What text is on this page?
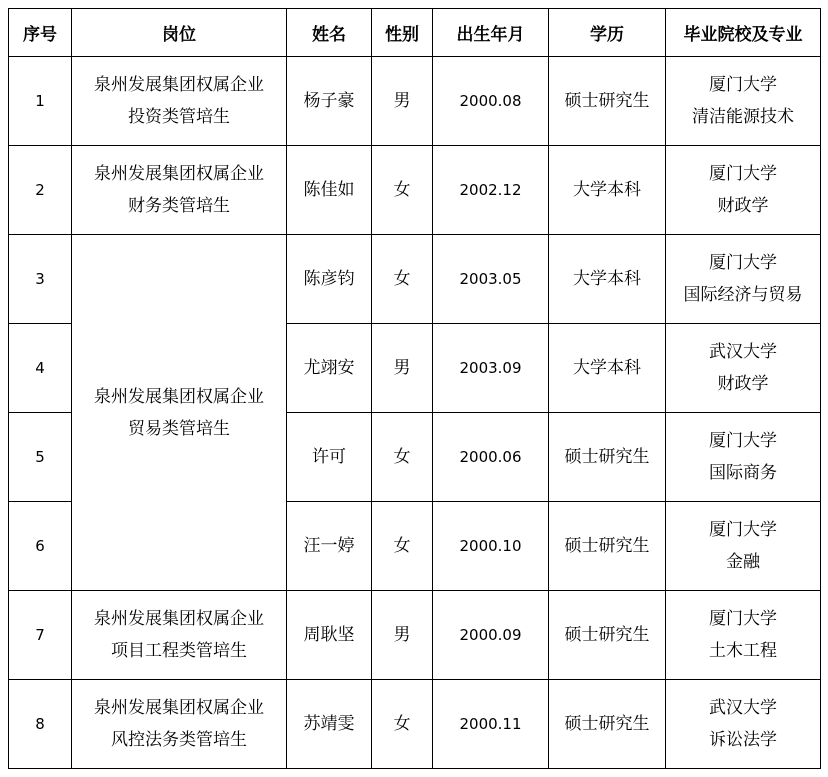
序号	岗位	姓名	性别	出生年月	学历	毕业院校及专业
1	泉州发展集团权属企业
投资类管培生	杨子豪	男	2000.08	硕士研究生	厦门大学
清洁能源技术

2	泉州发展集团权属企业
财务类管培生	陈佳如	女	2002.12	大学本科	厦门大学
财政学

3	泉州发展集团权属企业
贸易类管培生	陈彦钧	女	2003.05	大学本科	厦门大学
国际经济与贸易

4		尤翊安	男	2003.09	大学本科	武汉大学
财政学

5		许可	女	2000.06	硕士研究生	厦门大学
国际商务

6		汪一婷	女	2000.10	硕士研究生	厦门大学
金融

7	泉州发展集团权属企业
项目工程类管培生	周耿坚	男	2000.09	硕士研究生	厦门大学
土木工程

8	泉州发展集团权属企业
风控法务类管培生	苏靖雯	女	2000.11	硕士研究生	武汉大学
诉讼法学
